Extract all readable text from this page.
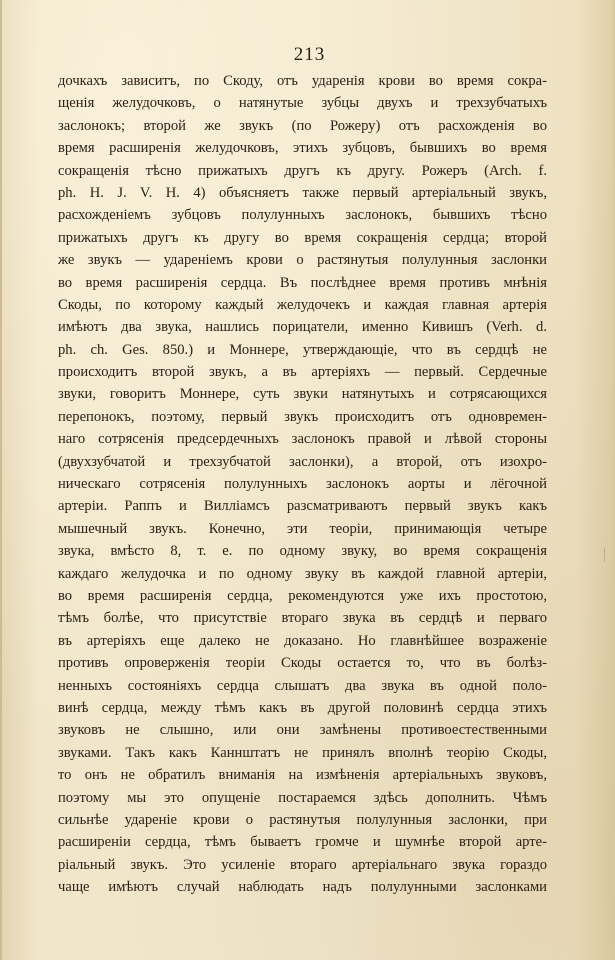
213
дочкахъ зависитъ, по Скоду, отъ ударенія крови во время сокра-
щенія желудочковъ, о натянутые зубцы двухъ и трехзубчатыхъ
заслонокъ; второй же звукъ (по Рожеру) отъ расхожденія во
время расширенія желудочковъ, этихъ зубцовъ, бывшихъ во время
сокращенія тѣсно прижатыхъ другъ къ другу. Рожеръ (Arch. f.
ph. H. J. V. H. 4) объясняетъ также первый артеріальный звукъ,
расхожденіемъ зубцовъ полулунныхъ заслонокъ, бывшихъ тѣсно
прижатыхъ другъ къ другу во время сокращенія сердца; второй
же звукъ — удареніемъ крови о растянутыя полулунныя заслонки
во время расширенія сердца. Въ послѣднее время противъ мнѣнія
Скоды, по которому каждый желудочекъ и каждая главная артерія
имѣютъ два звука, нашлись порицатели, именно Кивишъ (Verh. d.
ph. ch. Ges. 850.) и Моннере, утверждающіе, что въ сердцѣ не
происходитъ второй звукъ, а въ артеріяхъ — первый. Сердечные
звуки, говоритъ Моннере, суть звуки натянутыхъ и сотрясающихся
перепонокъ, поэтому, первый звукъ происходитъ отъ одновремен-
наго сотрясенія предсердечныхъ заслонокъ правой и лѣвой стороны
(двухзубчатой и трехзубчатой заслонки), а второй, отъ изохро-
ническаго сотрясенія полулунныхъ заслонокъ аорты и лёгочной
артеріи. Раппъ и Вилліамсъ разсматриваютъ первый звукъ какъ
мышечный звукъ. Конечно, эти теоріи, принимающія четыре
звука, вмѣсто 8, т. е. по одному звуку, во время сокращенія
каждаго желудочка и по одному звуку въ каждой главной артеріи,
во время расширенія сердца, рекомендуются уже ихъ простотою,
тѣмъ болѣе, что присутствіе втораго звука въ сердцѣ и перваго
въ артеріяхъ еще далеко не доказано. Но главнѣйшее возраженіе
противъ опроверженія теоріи Скоды остается то, что въ болѣз-
ненныхъ состояніяхъ сердца слышатъ два звука въ одной поло-
винѣ сердца, между тѣмъ какъ въ другой половинѣ сердца этихъ
звуковъ не слышно, или они замѣнены противоестественными
звуками. Такъ какъ Каннштатъ не принялъ вполнѣ теорію Скоды,
то онъ не обратилъ вниманія на измѣненія артеріальныхъ звуковъ,
поэтому мы это опущеніе постараемся здѣсь дополнить. Чѣмъ
сильнѣе удареніе крови о растянутыя полулунныя заслонки, при
расширеніи сердца, тѣмъ бываетъ громче и шумнѣе второй арте-
ріальный звукъ. Это усиленіе втораго артеріальнаго звука гораздо
чаще имѣютъ случай наблюдать надъ полулунными заслонками
